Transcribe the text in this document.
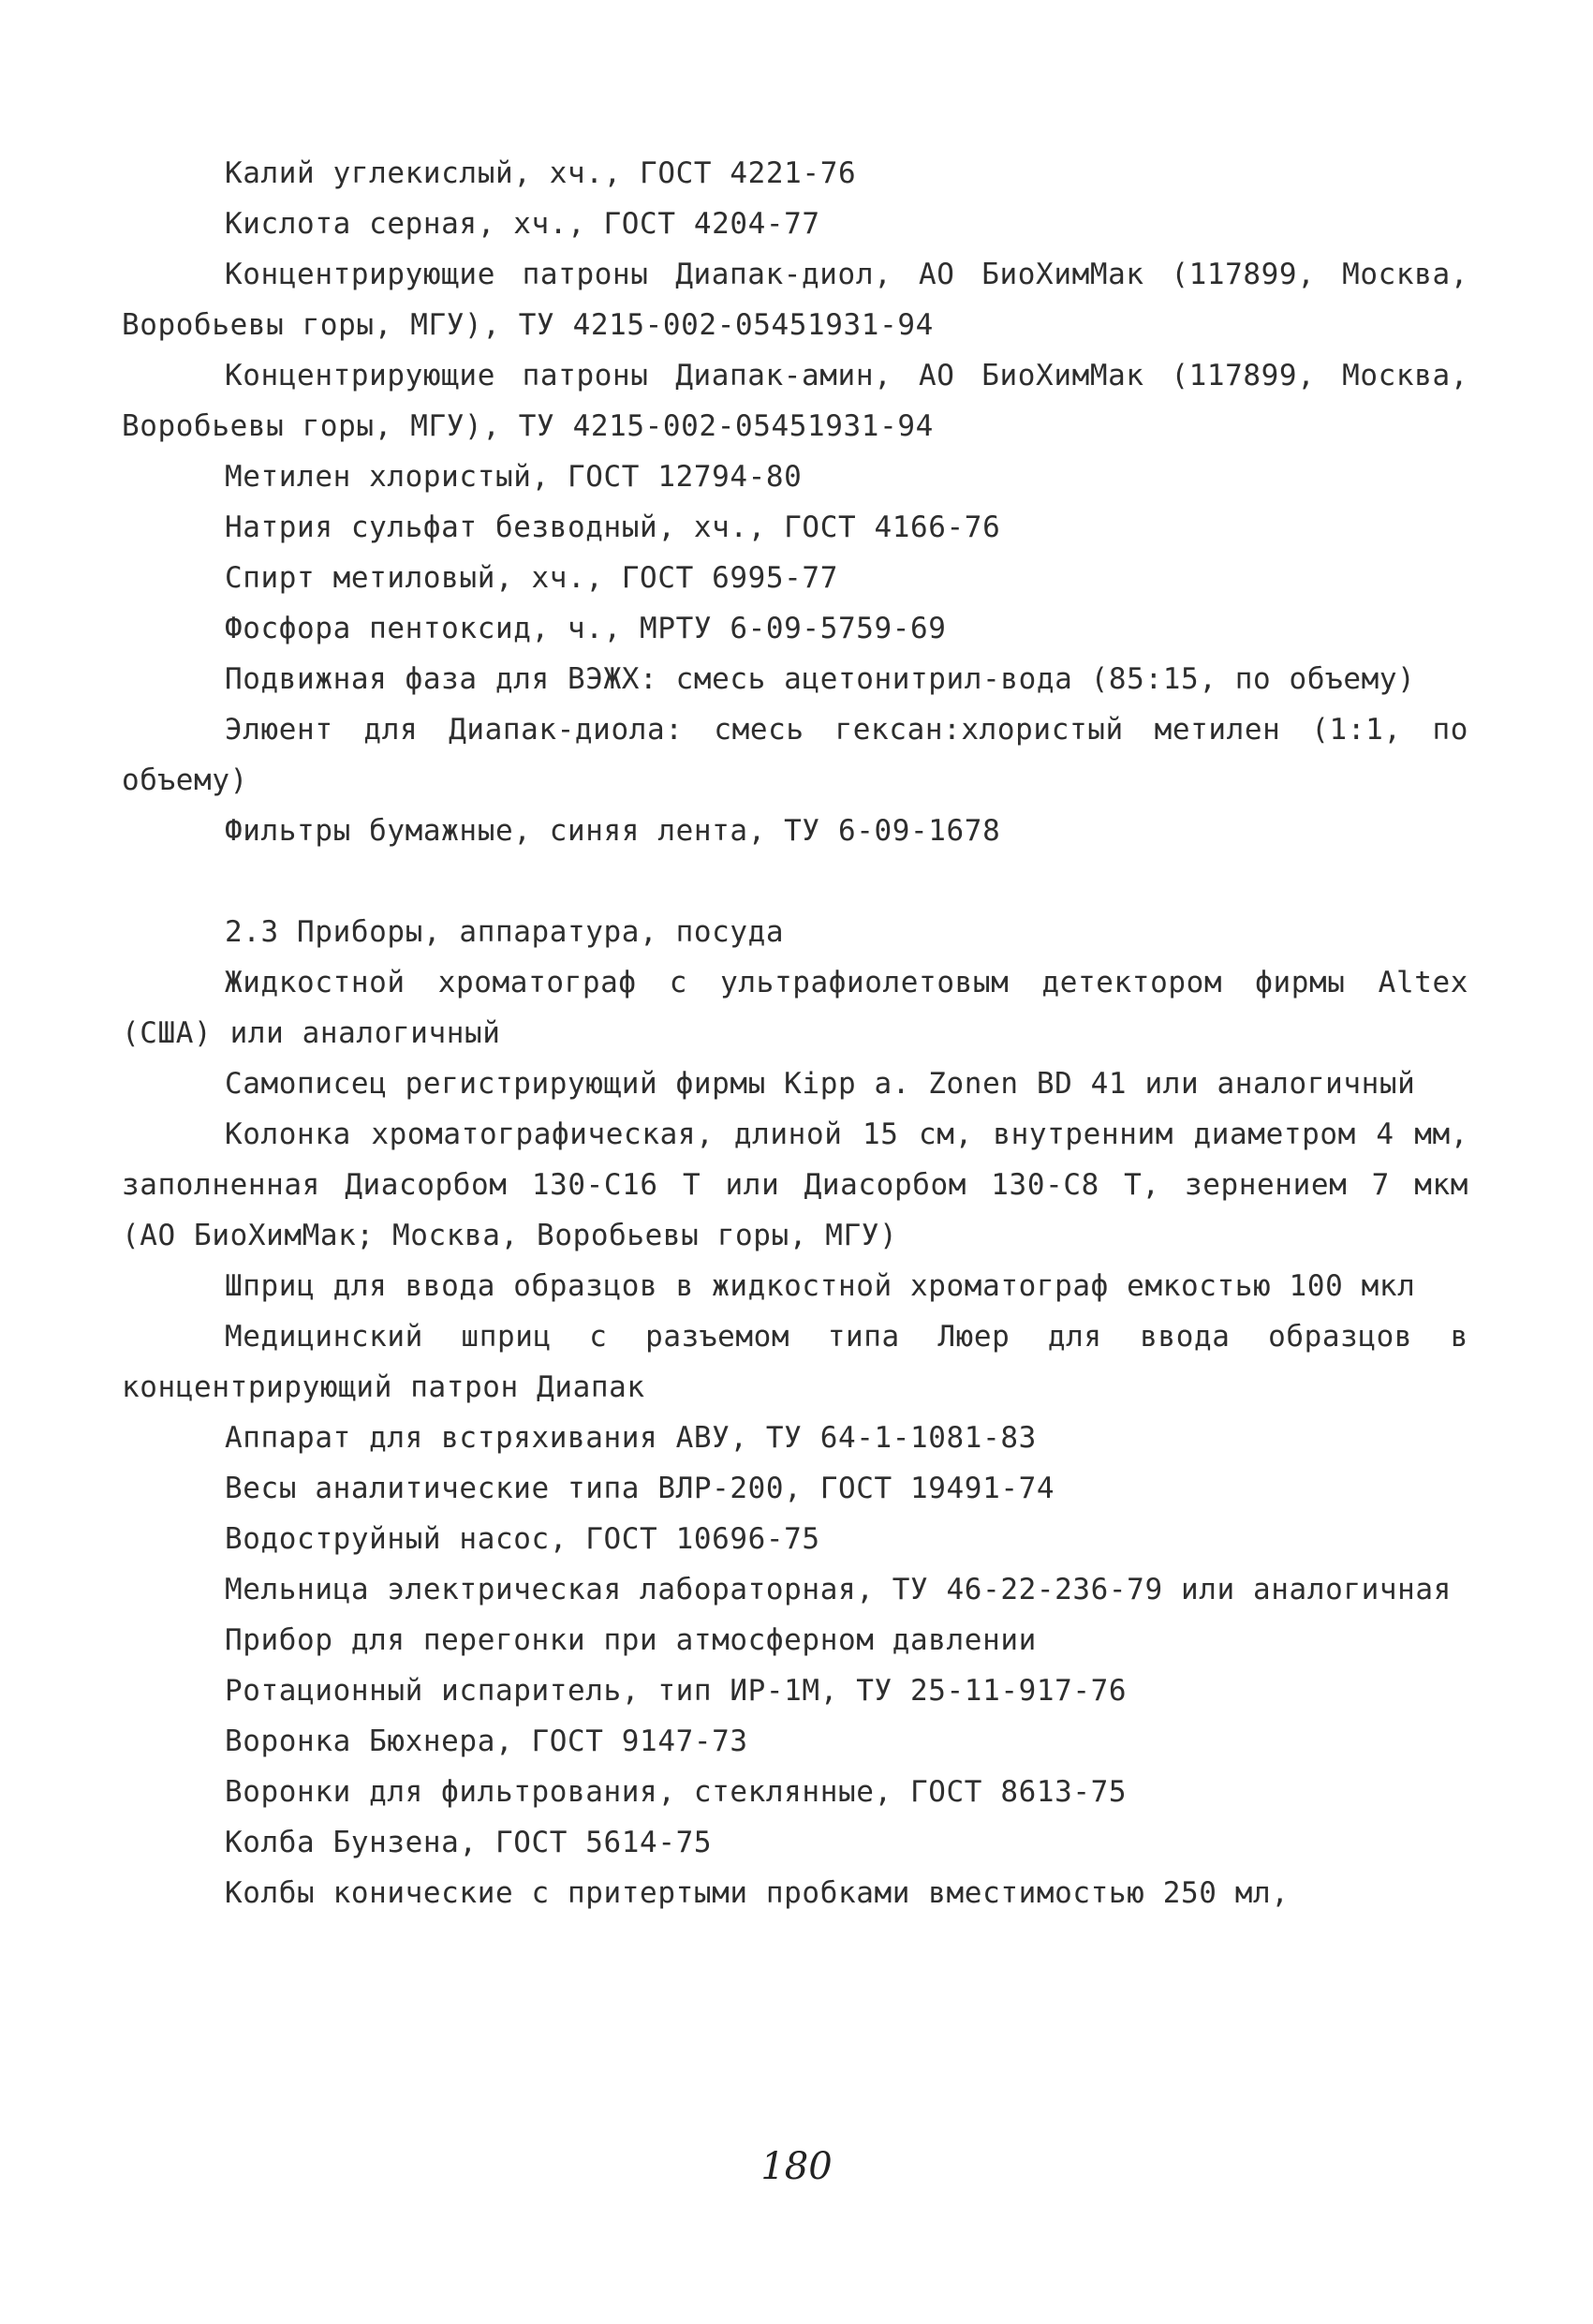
Калий углекислый, хч., ГОСТ 4221-76

Кислота серная, хч., ГОСТ 4204-77

Концентрирующие патроны Диапак-диол, АО БиоХимМак (117899, Москва, Воробьевы горы, МГУ), ТУ 4215-002-05451931-94

Концентрирующие патроны Диапак-амин, АО БиоХимМак (117899, Москва, Воробьевы горы, МГУ), ТУ 4215-002-05451931-94

Метилен хлористый, ГОСТ 12794-80

Натрия сульфат безводный, хч., ГОСТ 4166-76

Спирт метиловый, хч., ГОСТ 6995-77

Фосфора пентоксид, ч., МРТУ 6-09-5759-69

Подвижная фаза для ВЭЖХ: смесь ацетонитрил-вода (85:15, по объему)

Элюент для Диапак-диола: смесь гексан:хлористый метилен (1:1, по объему)

Фильтры бумажные, синяя лента, ТУ 6-09-1678

2.3 Приборы, аппаратура, посуда

Жидкостной хроматограф с ультрафиолетовым детектором фирмы Altex (США) или аналогичный

Самописец регистрирующий фирмы Kipp a. Zonen BD 41 или аналогичный

Колонка хроматографическая, длиной 15 см, внутренним диаметром 4 мм, заполненная Диасорбом 130-С16 Т или Диасорбом 130-С8 Т, зернением 7 мкм (АО БиоХимМак; Москва, Воробьевы горы, МГУ)

Шприц для ввода образцов в жидкостной хроматограф емкостью 100 мкл

Медицинский шприц с разъемом типа Люер для ввода образцов в концентрирующий патрон Диапак

Аппарат для встряхивания АВУ, ТУ 64-1-1081-83

Весы аналитические типа ВЛР-200, ГОСТ 19491-74

Водоструйный насос, ГОСТ 10696-75

Мельница электрическая лабораторная, ТУ 46-22-236-79 или аналогичная

Прибор для перегонки при атмосферном давлении

Ротационный испаритель, тип ИР-1М, ТУ 25-11-917-76

Воронка Бюхнера, ГОСТ 9147-73

Воронки для фильтрования, стеклянные, ГОСТ 8613-75

Колба Бунзена, ГОСТ 5614-75

Колбы конические с притертыми пробками вместимостью 250 мл,

180
